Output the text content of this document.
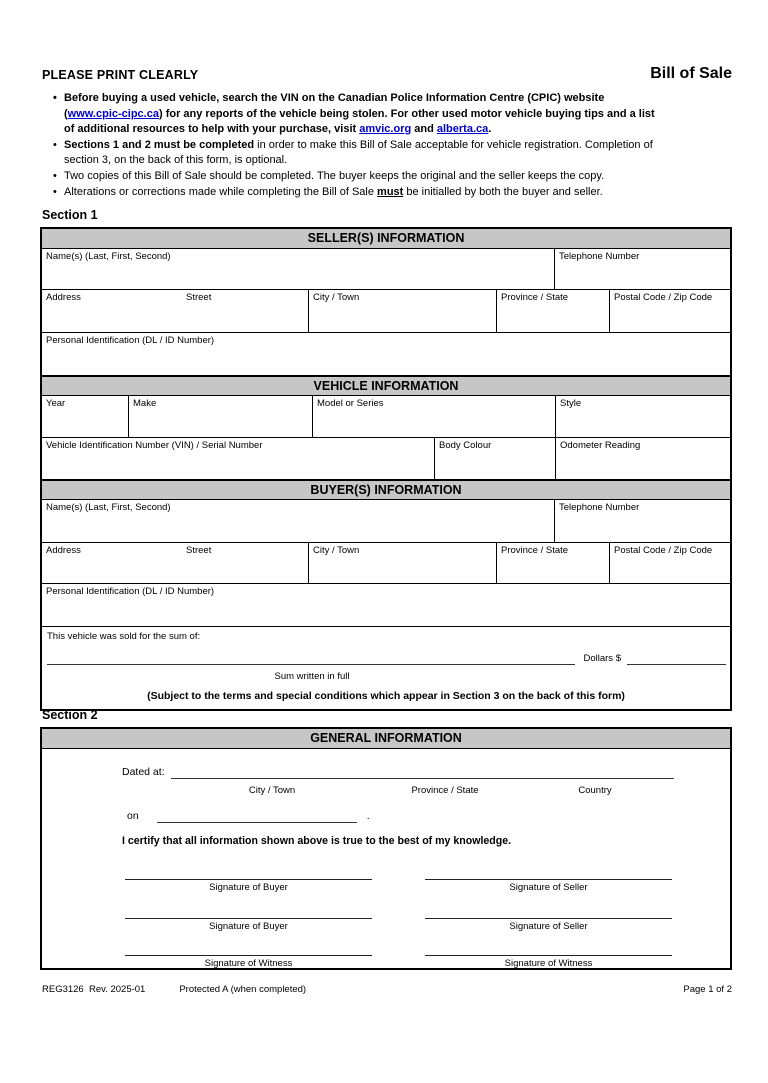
PLEASE PRINT CLEARLY	Bill of Sale
• Before buying a used vehicle, search the VIN on the Canadian Police Information Centre (CPIC) website
(www.cpic-cipc.ca) for any reports of the vehicle being stolen. For other used motor vehicle buying tips and a list
of additional resources to help with your purchase, visit amvic.org and alberta.ca.
• Sections 1 and 2 must be completed in order to make this Bill of Sale acceptable for vehicle registration. Completion of
section 3, on the back of this form, is optional.
• Two copies of this Bill of Sale should be completed. The buyer keeps the original and the seller keeps the copy.
• Alterations or corrections made while completing the Bill of Sale must be initialled by both the buyer and seller.
Section 1
SELLER(S) INFORMATION
Name(s) (Last, First, Second)	Telephone Number
Address	Street	City / Town	Province / State	Postal Code / Zip Code
Personal Identification (DL / ID Number)
VEHICLE INFORMATION
Year	Make	Model or Series	Style
Vehicle Identification Number (VIN) / Serial Number	Body Colour	Odometer Reading
BUYER(S) INFORMATION
Name(s) (Last, First, Second)	Telephone Number
Address	Street	City / Town	Province / State	Postal Code / Zip Code
Personal Identification (DL / ID Number)
This vehicle was sold for the sum of:
Dollars $
Sum written in full
(Subject to the terms and special conditions which appear in Section 3 on the back of this form)
Section 2
GENERAL INFORMATION
Dated at:
City / Town	Province / State	Country
on	.
I certify that all information shown above is true to the best of my knowledge.
Signature of Buyer	Signature of Seller
Signature of Buyer	Signature of Seller
Signature of Witness	Signature of Witness
REG3126  Rev. 2025-01	Protected A (when completed)	Page 1 of 2
